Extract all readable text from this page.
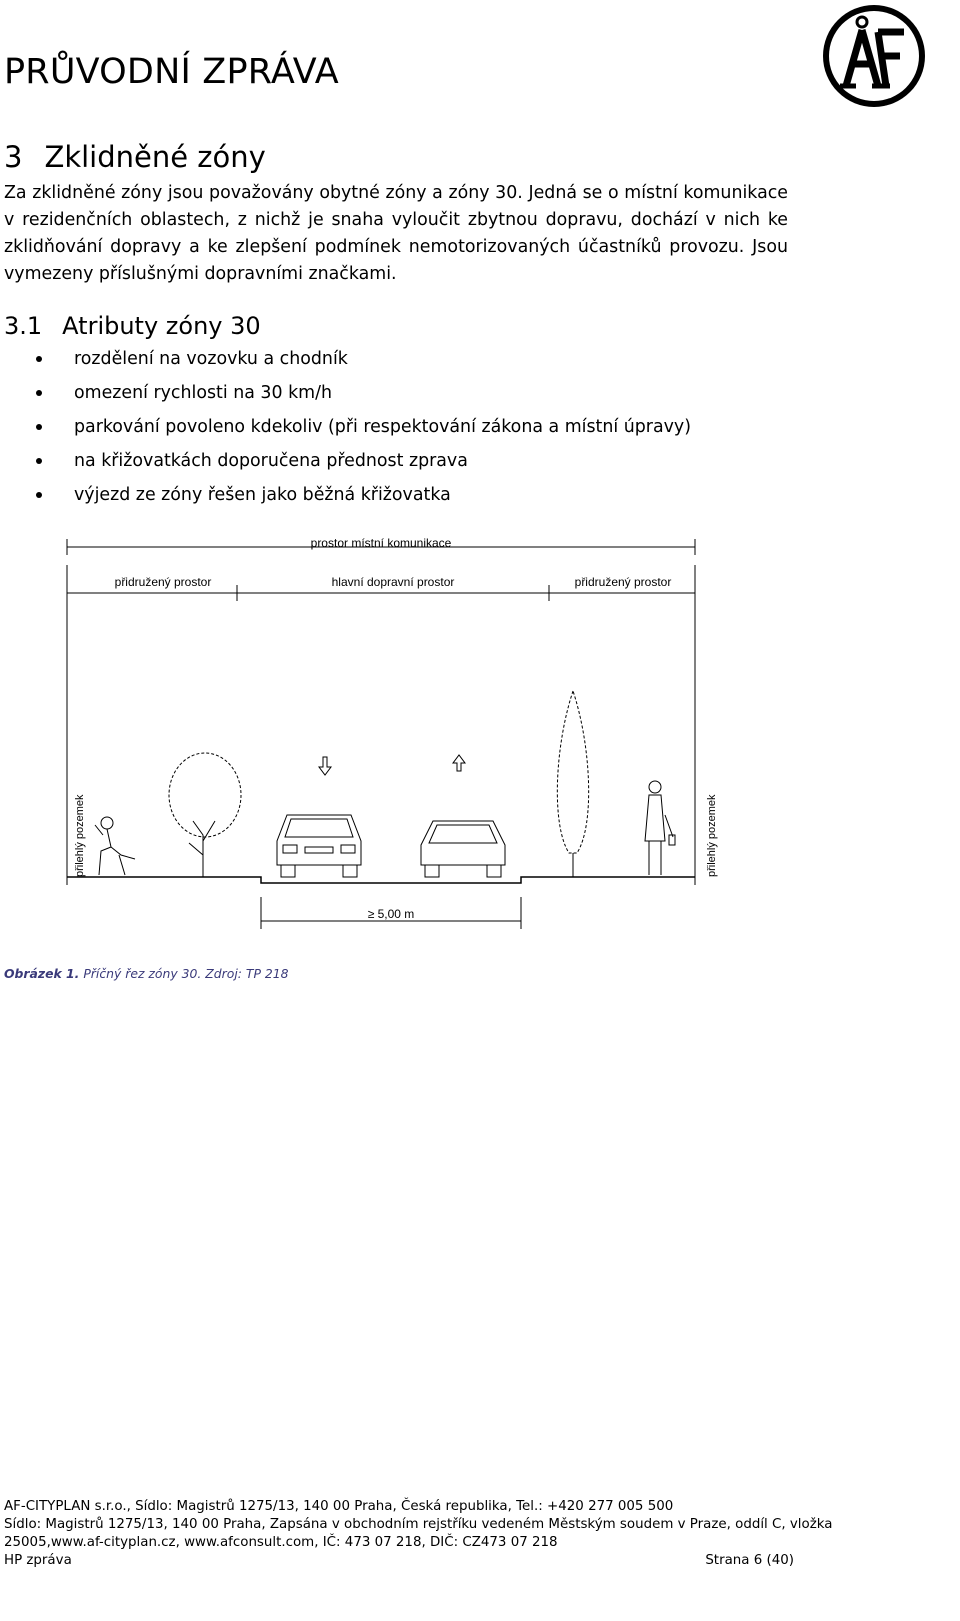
PRŮVODNÍ ZPRÁVA
3 Zklidněné zóny
Za zklidněné zóny jsou považovány obytné zóny a zóny 30. Jedná se o místní komunikace v rezidenčních oblastech, z nichž je snaha vyloučit zbytnou dopravu, dochází v nich ke zklidňování dopravy a ke zlepšení podmínek nemotorizovaných účastníků provozu. Jsou vymezeny příslušnými dopravními značkami.
3.1 Atributy zóny 30
rozdělení na vozovku a chodník
omezení rychlosti na 30 km/h
parkování povoleno kdekoliv (při respektování zákona a místní úpravy)
na křižovatkách doporučena přednost zprava
výjezd ze zóny řešen jako běžná křižovatka
prostor místní komunikace
přidružený prostor	hlavní dopravní prostor	přidružený prostor
přilehlý pozemek	přilehlý pozemek
≥ 5,00 m
Obrázek 1. Příčný řez zóny 30. Zdroj: TP 218
AF-CITYPLAN s.r.o., Sídlo: Magistrů 1275/13, 140 00 Praha, Česká republika, Tel.: +420 277 005 500
Sídlo: Magistrů 1275/13, 140 00 Praha, Zapsána v obchodním rejstříku vedeném Městským soudem v Praze, oddíl C, vložka
25005,www.af-cityplan.cz, www.afconsult.com, IČ: 473 07 218, DIČ: CZ473 07 218
HP zpráva	Strana 6 (40)
